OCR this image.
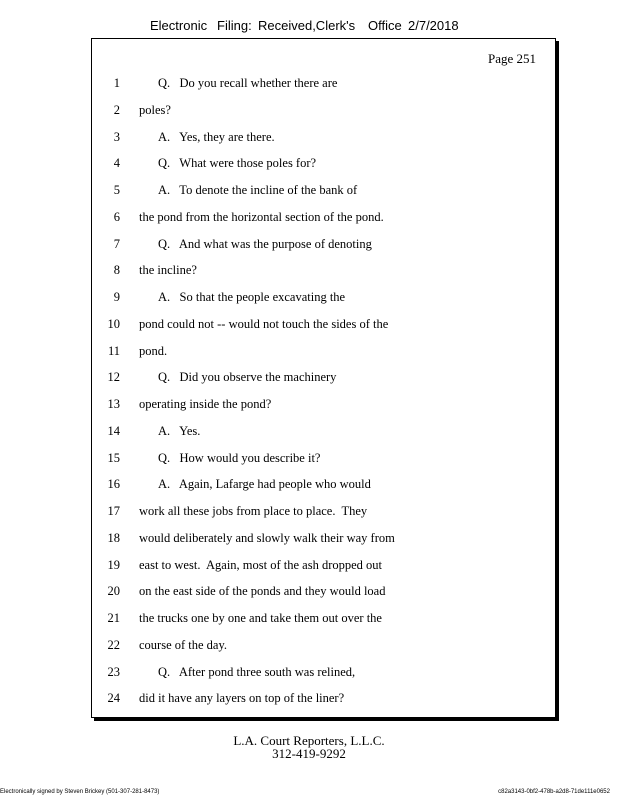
Electronic Filing: Received,Clerk's Office 2/7/2018
Page 251
1	Q.   Do you recall whether there are
2 poles?
3	A.   Yes, they are there.
4	Q.   What were those poles for?
5	A.   To denote the incline of the bank of
6 the pond from the horizontal section of the pond.
7	Q.   And what was the purpose of denoting
8 the incline?
9	A.   So that the people excavating the
10 pond could not -- would not touch the sides of the
11 pond.
12	Q.   Did you observe the machinery
13 operating inside the pond?
14	A.   Yes.
15	Q.   How would you describe it?
16	A.   Again, Lafarge had people who would
17 work all these jobs from place to place.  They
18 would deliberately and slowly walk their way from
19 east to west.  Again, most of the ash dropped out
20 on the east side of the ponds and they would load
21 the trucks one by one and take them out over the
22 course of the day.
23	Q.   After pond three south was relined,
24 did it have any layers on top of the liner?
L.A. Court Reporters, L.L.C.
312-419-9292
Electronically signed by Steven Brickey (501-307-281-8473)	c82a3143-0bf2-478b-a2d8-71de111e0652
